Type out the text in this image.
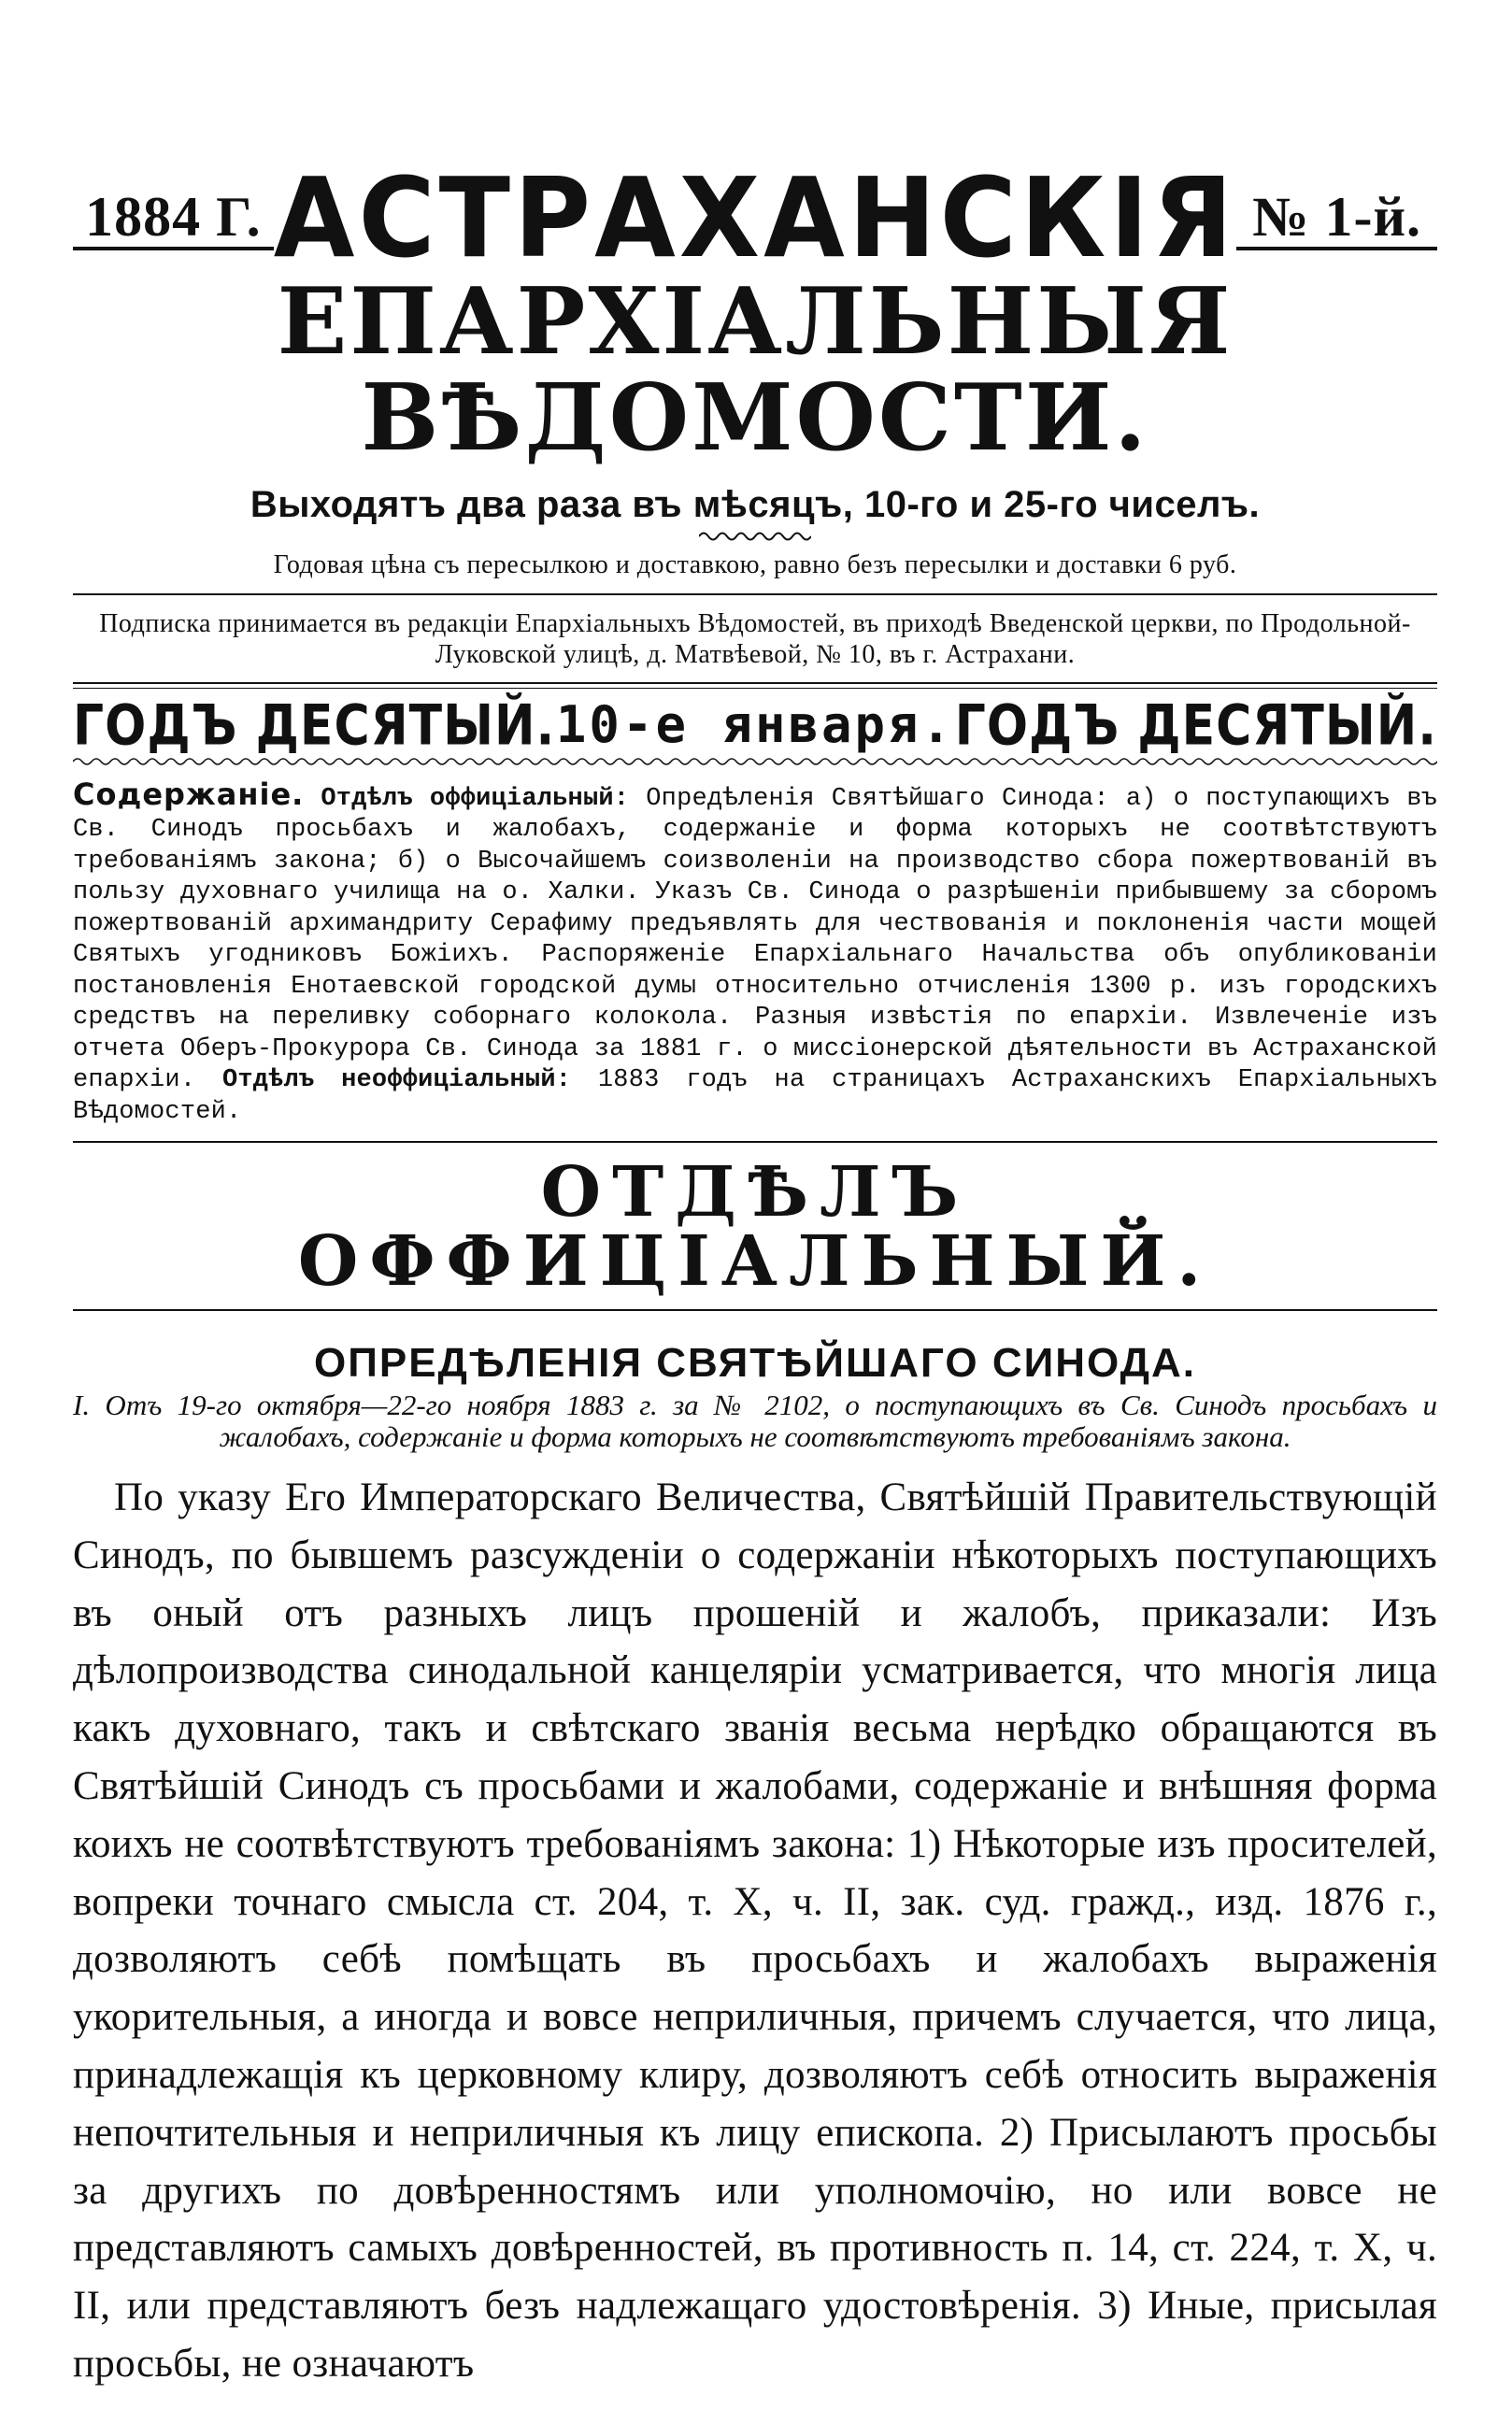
1884 Г. АСТРАХАНСКІЯ № 1-й.
ЕПАРХІАЛЬНЫЯ ВѢДОМОСТИ.
Выходятъ два раза въ мѣсяцъ, 10-го и 25-го чиселъ.
Годовая цѣна съ пересылкою и доставкою, равно безъ пересылки и доставки 6 руб.
Подписка принимается въ редакціи Епархіальныхъ Вѣдомостей, въ приходѣ Введенской церкви, по Продольной-Луковской улицѣ, д. Матвѣевой, № 10, въ г. Астрахани.
ГОДЪ ДЕСЯТЫЙ. 10-е января. ГОДЪ ДЕСЯТЫЙ.
Содержаніе. Отдѣлъ оффиціальный: Опредѣленія Святѣйшаго Синода: а) о поступающихъ въ Св. Синодъ просьбахъ и жалобахъ, содержаніе и форма которыхъ не соотвѣтствуютъ требованіямъ закона; б) о Высочайшемъ соизволеніи на производство сбора пожертвованій въ пользу духовнаго училища на о. Халки. Указъ Св. Синода о разрѣшеніи прибывшему за сборомъ пожертвованій архимандриту Серафиму предъявлять для чествованія и поклоненія части мощей Святыхъ угодниковъ Божіихъ. Распоряженіе Епархіальнаго Начальства объ опубликованіи постановленія Енотаевской городской думы относительно отчисленія 1300 р. изъ городскихъ средствъ на переливку соборнаго колокола. Разныя извѣстія по епархіи. Извлеченіе изъ отчета Оберъ-Прокурора Св. Синода за 1881 г. о миссіонерской дѣятельности въ Астраханской епархіи. Отдѣлъ неоффиціальный: 1883 годъ на страницахъ Астраханскихъ Епархіальныхъ Вѣдомостей.
ОТДѢЛЪ ОФФИЦІАЛЬНЫЙ.
ОПРЕДѢЛЕНІЯ СВЯТѢЙШАГО СИНОДА.
I. Отъ 19-го октября—22-го ноября 1883 г. за № 2102, о поступающихъ въ Св. Синодъ просьбахъ и жалобахъ, содержаніе и форма которыхъ не соотвѣтствуютъ требованіямъ закона.
По указу Его Императорскаго Величества, Святѣйшій Правительствующій Синодъ, по бывшемъ разсужденіи о содержаніи нѣкоторыхъ поступающихъ въ оный отъ разныхъ лицъ прошеній и жалобъ, приказали: Изъ дѣлопроизводства синодальной канцеляріи усматривается, что многія лица какъ духовнаго, такъ и свѣтскаго званія весьма нерѣдко обращаются въ Святѣйшій Синодъ съ просьбами и жалобами, содержаніе и внѣшняя форма коихъ не соотвѣтствуютъ требованіямъ закона: 1) Нѣкоторые изъ просителей, вопреки точнаго смысла ст. 204, т. X, ч. II, зак. суд. гражд., изд. 1876 г., дозволяютъ себѣ помѣщать въ просьбахъ и жалобахъ выраженія укорительныя, а иногда и вовсе неприличныя, причемъ случается, что лица, принадлежащія къ церковному клиру, дозволяютъ себѣ относить выраженія непочтительныя и неприличныя къ лицу епископа. 2) Присылаютъ просьбы за другихъ по довѣренностямъ или уполномочію, но или вовсе не представляютъ самыхъ довѣренностей, въ противность п. 14, ст. 224, т. X, ч. II, или представляютъ безъ надлежащаго удостовѣренія. 3) Иные, присылая просьбы, не означаютъ
